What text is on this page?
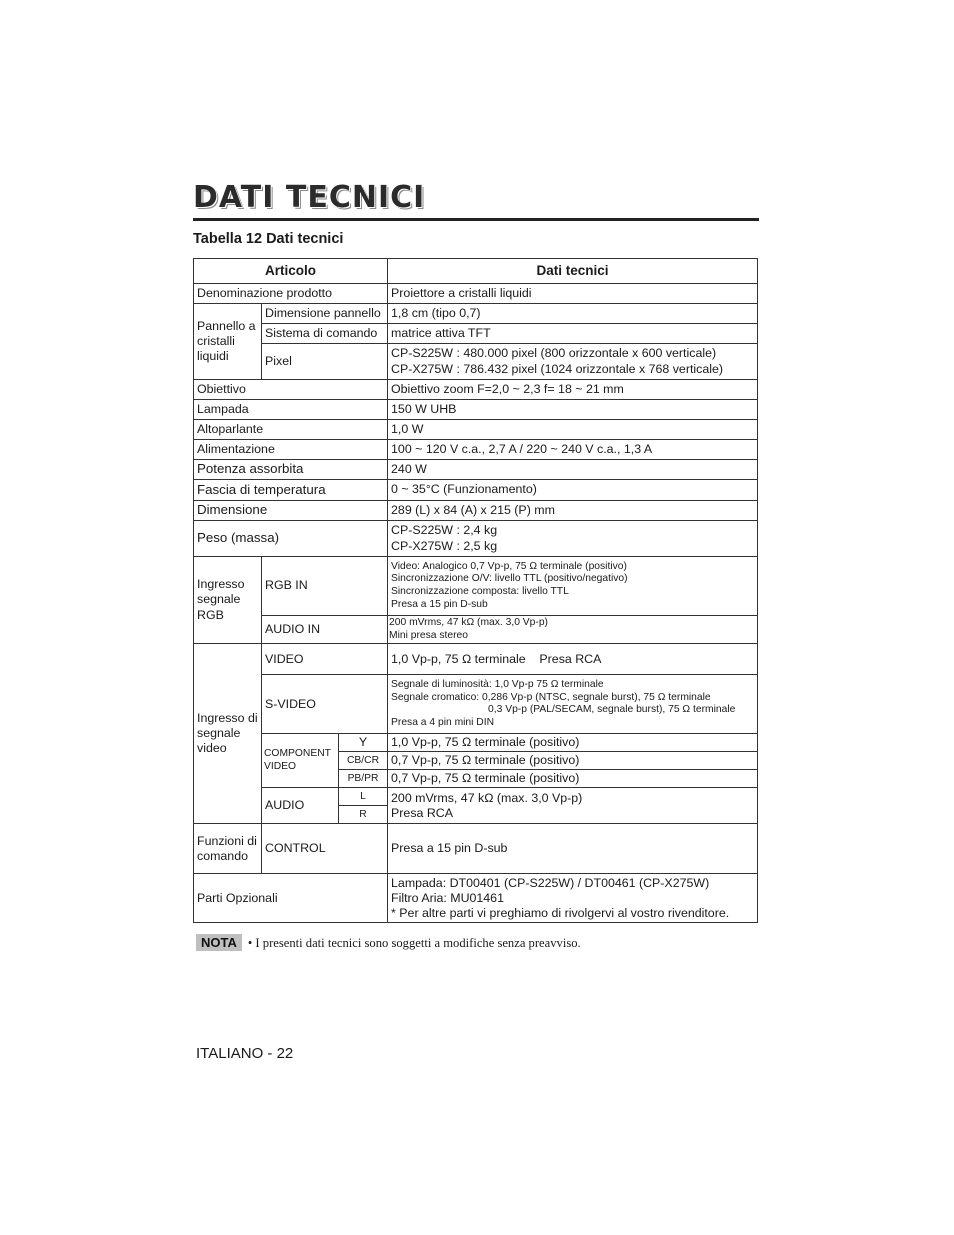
DATI TECNICI
Tabella 12 Dati tecnici
Articolo			Dati tecnici
Denominazione prodotto			Proiettore a cristalli liquidi
Pannello a cristalli liquidi	Dimensione pannello		1,8 cm (tipo 0,7)
	Sistema di comando		matrice attiva TFT
	Pixel		CP-S225W : 480.000 pixel (800 orizzontale x 600 verticale)
CP-X275W : 786.432 pixel (1024 orizzontale x 768 verticale)

Obiettivo			Obiettivo zoom F=2,0 ~ 2,3 f= 18 ~ 21 mm
Lampada			150 W UHB
Altoparlante			1,0 W
Alimentazione			100 ~ 120 V c.a., 2,7 A / 220 ~ 240 V c.a., 1,3 A
Potenza assorbita			240 W
Fascia di temperatura			0 ~ 35°C (Funzionamento)
Dimensione			289 (L) x 84 (A) x 215 (P) mm
Peso (massa)			CP-S225W : 2,4 kg
CP-X275W : 2,5 kg

Ingresso segnale RGB	RGB IN		Video: Analogico 0,7 Vp-p, 75 Ω terminale (positivo)
Sincronizzazione O/V: livello TTL (positivo/negativo)
Sincronizzazione composta: livello TTL
Presa a 15 pin D-sub

	AUDIO IN		200 mVrms, 47 kΩ (max. 3,0 Vp-p)
Mini presa stereo

Ingresso di segnale video	VIDEO		1,0 Vp-p, 75 Ω terminale    Presa RCA
	S-VIDEO		Segnale di luminosità: 1,0 Vp-p 75 Ω terminale
Segnale cromatico: 0,286 Vp-p (NTSC, segnale burst), 75 Ω terminale
0,3 Vp-p (PAL/SECAM, segnale burst), 75 Ω terminale
Presa a 4 pin mini DIN

	COMPONENT VIDEO	Y	1,0 Vp-p, 75 Ω terminale (positivo)
		CB/CR	0,7 Vp-p, 75 Ω terminale (positivo)
		PB/PR	0,7 Vp-p, 75 Ω terminale (positivo)
	AUDIO	L	200 mVrms, 47 kΩ (max. 3,0 Vp-p)
Presa RCA

		R	
Funzioni di comando	CONTROL		Presa a 15 pin D-sub
Parti Opzionali			Lampada: DT00401 (CP-S225W) / DT00461 (CP-X275W)
Filtro Aria: MU01461
* Per altre parti vi preghiamo di rivolgervi al vostro rivenditore.
NOTA • I presenti dati tecnici sono soggetti a modifiche senza preavviso.
ITALIANO - 22
